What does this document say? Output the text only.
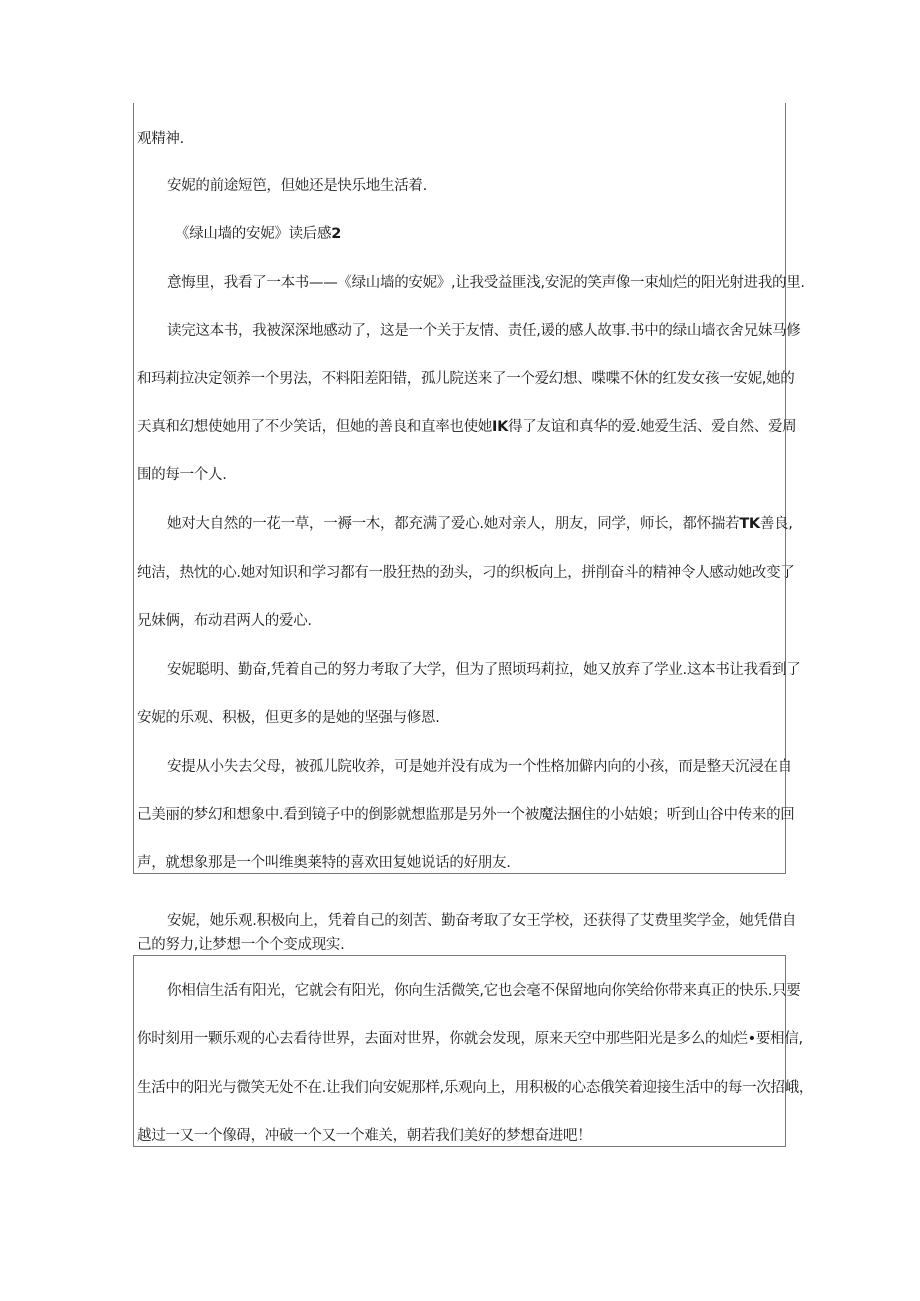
观精神.
安妮的前途短笆，但她还是快乐地生活着.
《绿山墙的安妮》读后感2
意悔里，我看了一本书——《绿山墙的安妮》,让我受益匪浅,安泥的笑声像一束灿烂的阳光射进我的里.
读完这本书，我被深深地感动了，这是一个关于友情、责任,谖的感人故事.书中的绿山墙衣舍兄妹马修
和玛莉拉决定领养一个男法，不料阳差阳错，孤儿院送来了一个爱幻想、喋喋不休的红发女孩一安妮,她的
天真和幻想使她用了不少笑话，但她的善良和直率也使她IK得了友谊和真华的爱.她爱生活、爱自然、爱周
围的每一个人.
她对大自然的一花一草，一褥一木，都充满了爱心.她对亲人，朋友，同学，师长，都怀揣若TK善良,
纯洁，热忱的心.她对知识和学习都有一股狂热的劲头，刁的织板向上，拼削奋斗的精神令人感动她改变了
兄妹俩，布动君两人的爱心.
安妮聪明、勤奋,凭着自己的努力考取了大学，但为了照顷玛莉拉，她又放弃了学业.这本书让我看到了
安妮的乐观、积极，但更多的是她的坚强与修恩.
安提从小失去父母，被孤儿院收养，可是她并没有成为一个性格加僻内向的小孩，而是整天沉浸在自
己美丽的梦幻和想象中.看到镜子中的倒影就想监那是另外一个被魔法捆住的小姑娘；听到山谷中传来的回
声，就想象那是一个叫维奥莱特的喜欢田复她说话的好朋友.
安妮，她乐观.积极向上，凭着自己的刻苦、勤奋考取了女王学校，还获得了艾费里奖学金，她凭借自
己的努力,让梦想一个个变成现实.
你相信生活有阳光，它就会有阳光，你向生活微笑,它也会毫不保留地向你笑给你带来真正的快乐.只要
你时刻用一颗乐观的心去看待世界，去面对世界，你就会发现，原来天空中那些阳光是多么的灿烂•要相信,
生活中的阳光与微笑无处不在.让我们向安妮那样,乐观向上，用积极的心态俄笑着迎接生活中的每一次招峨，
越过一又一个像碍，冲破一个又一个难关，朝若我们美好的梦想奋进吧！
